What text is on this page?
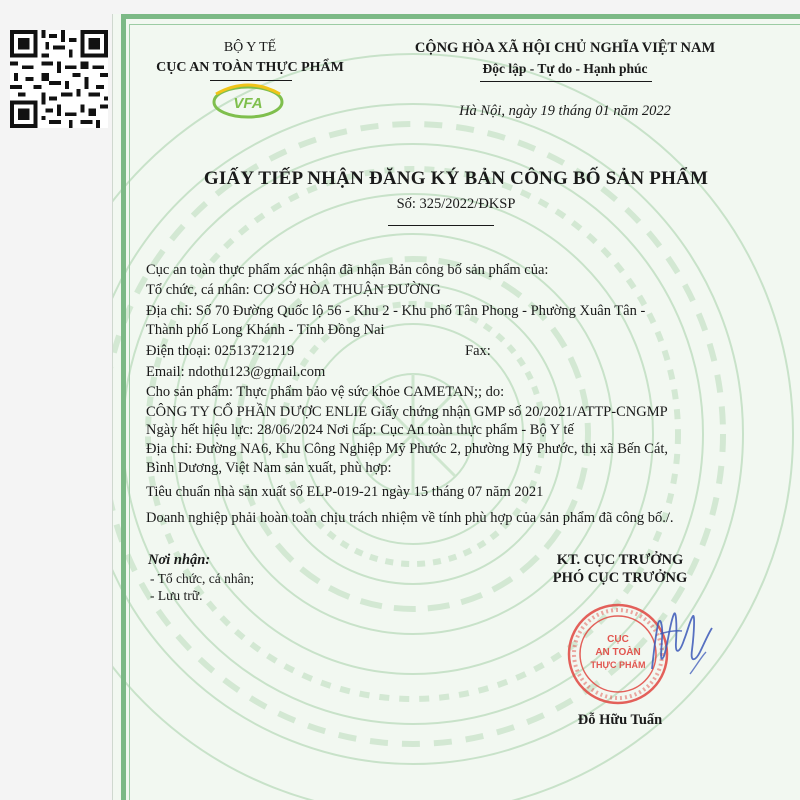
BỘ Y TẾ
CỤC AN TOÀN THỰC PHẨM
VFA
CỘNG HÒA XÃ HỘI CHỦ NGHĨA VIỆT NAM
Độc lập - Tự do - Hạnh phúc
Hà Nội, ngày 19 tháng 01 năm 2022
GIẤY TIẾP NHẬN ĐĂNG KÝ BẢN CÔNG BỐ SẢN PHẨM
Số: 325/2022/ĐKSP
Cục an toàn thực phẩm xác nhận đã nhận Bản công bố sản phẩm của:
Tổ chức, cá nhân: CƠ SỞ HÒA THUẬN ĐƯỜNG
Địa chỉ: Số 70 Đường Quốc lộ 56 - Khu 2 - Khu phố Tân Phong - Phường Xuân Tân -
Thành phố Long Khánh - Tỉnh Đồng Nai
Điện thoại: 02513721219	Fax:
Email: ndothu123@gmail.com
Cho sản phẩm: Thực phẩm bảo vệ sức khỏe CAMETAN;; do:
CÔNG TY CỔ PHẦN DƯỢC ENLIE Giấy chứng nhận GMP số 20/2021/ATTP-CNGMP
Ngày hết hiệu lực: 28/06/2024 Nơi cấp: Cục An toàn thực phẩm - Bộ Y tế
Địa chỉ: Đường NA6, Khu Công Nghiệp Mỹ Phước 2, phường Mỹ Phước, thị xã Bến Cát,
Bình Dương, Việt Nam sản xuất, phù hợp:
Tiêu chuẩn nhà sản xuất số ELP-019-21 ngày 15 tháng 07 năm 2021
Doanh nghiệp phải hoàn toàn chịu trách nhiệm về tính phù hợp của sản phẩm đã công bố./.
Nơi nhận:
- Tổ chức, cá nhân;
- Lưu trữ.
KT. CỤC TRƯỞNG
PHÓ CỤC TRƯỞNG
CỤC
AN TOÀN
THỰC PHẨM
Đỗ Hữu Tuấn
